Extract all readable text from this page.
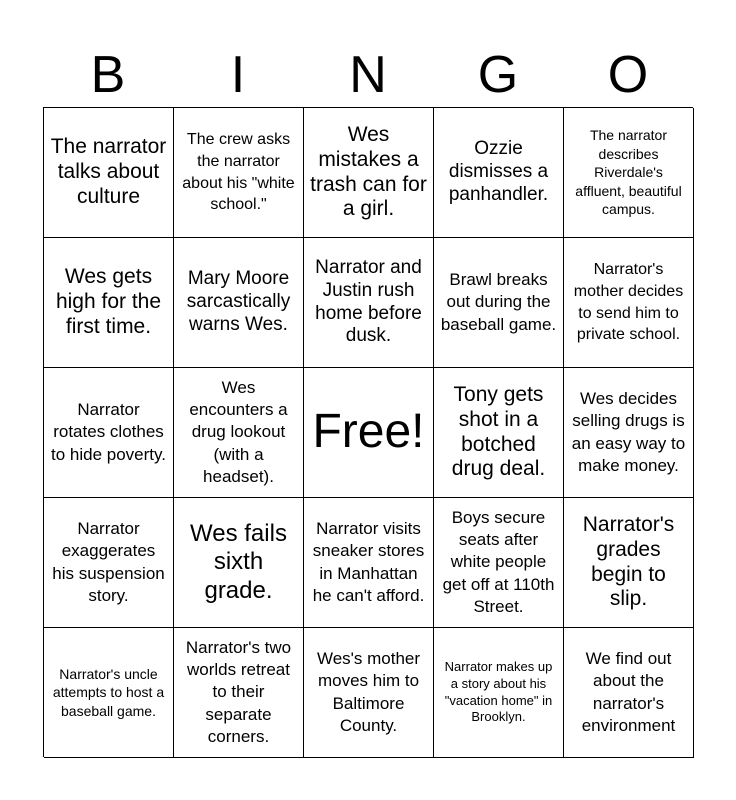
B	I	N	G	O
The narrator talks about culture
The crew asks the narrator about his "white school."
Wes mistakes a trash can for a girl.
Ozzie dismisses a panhandler.
The narrator describes Riverdale's affluent, beautiful campus.
Wes gets high for the first time.
Mary Moore sarcastically warns Wes.
Narrator and Justin rush home before dusk.
Brawl breaks out during the baseball game.
Narrator's mother decides to send him to private school.
Narrator rotates clothes to hide poverty.
Wes encounters a drug lookout (with a headset).
Free!
Tony gets shot in a botched drug deal.
Wes decides selling drugs is an easy way to make money.
Narrator exaggerates his suspension story.
Wes fails sixth grade.
Narrator visits sneaker stores in Manhattan he can't afford.
Boys secure seats after white people get off at 110th Street.
Narrator's grades begin to slip.
Narrator's uncle attempts to host a baseball game.
Narrator's two worlds retreat to their separate corners.
Wes's mother moves him to Baltimore County.
Narrator makes up a story about his "vacation home" in Brooklyn.
We find out about the narrator's environment
